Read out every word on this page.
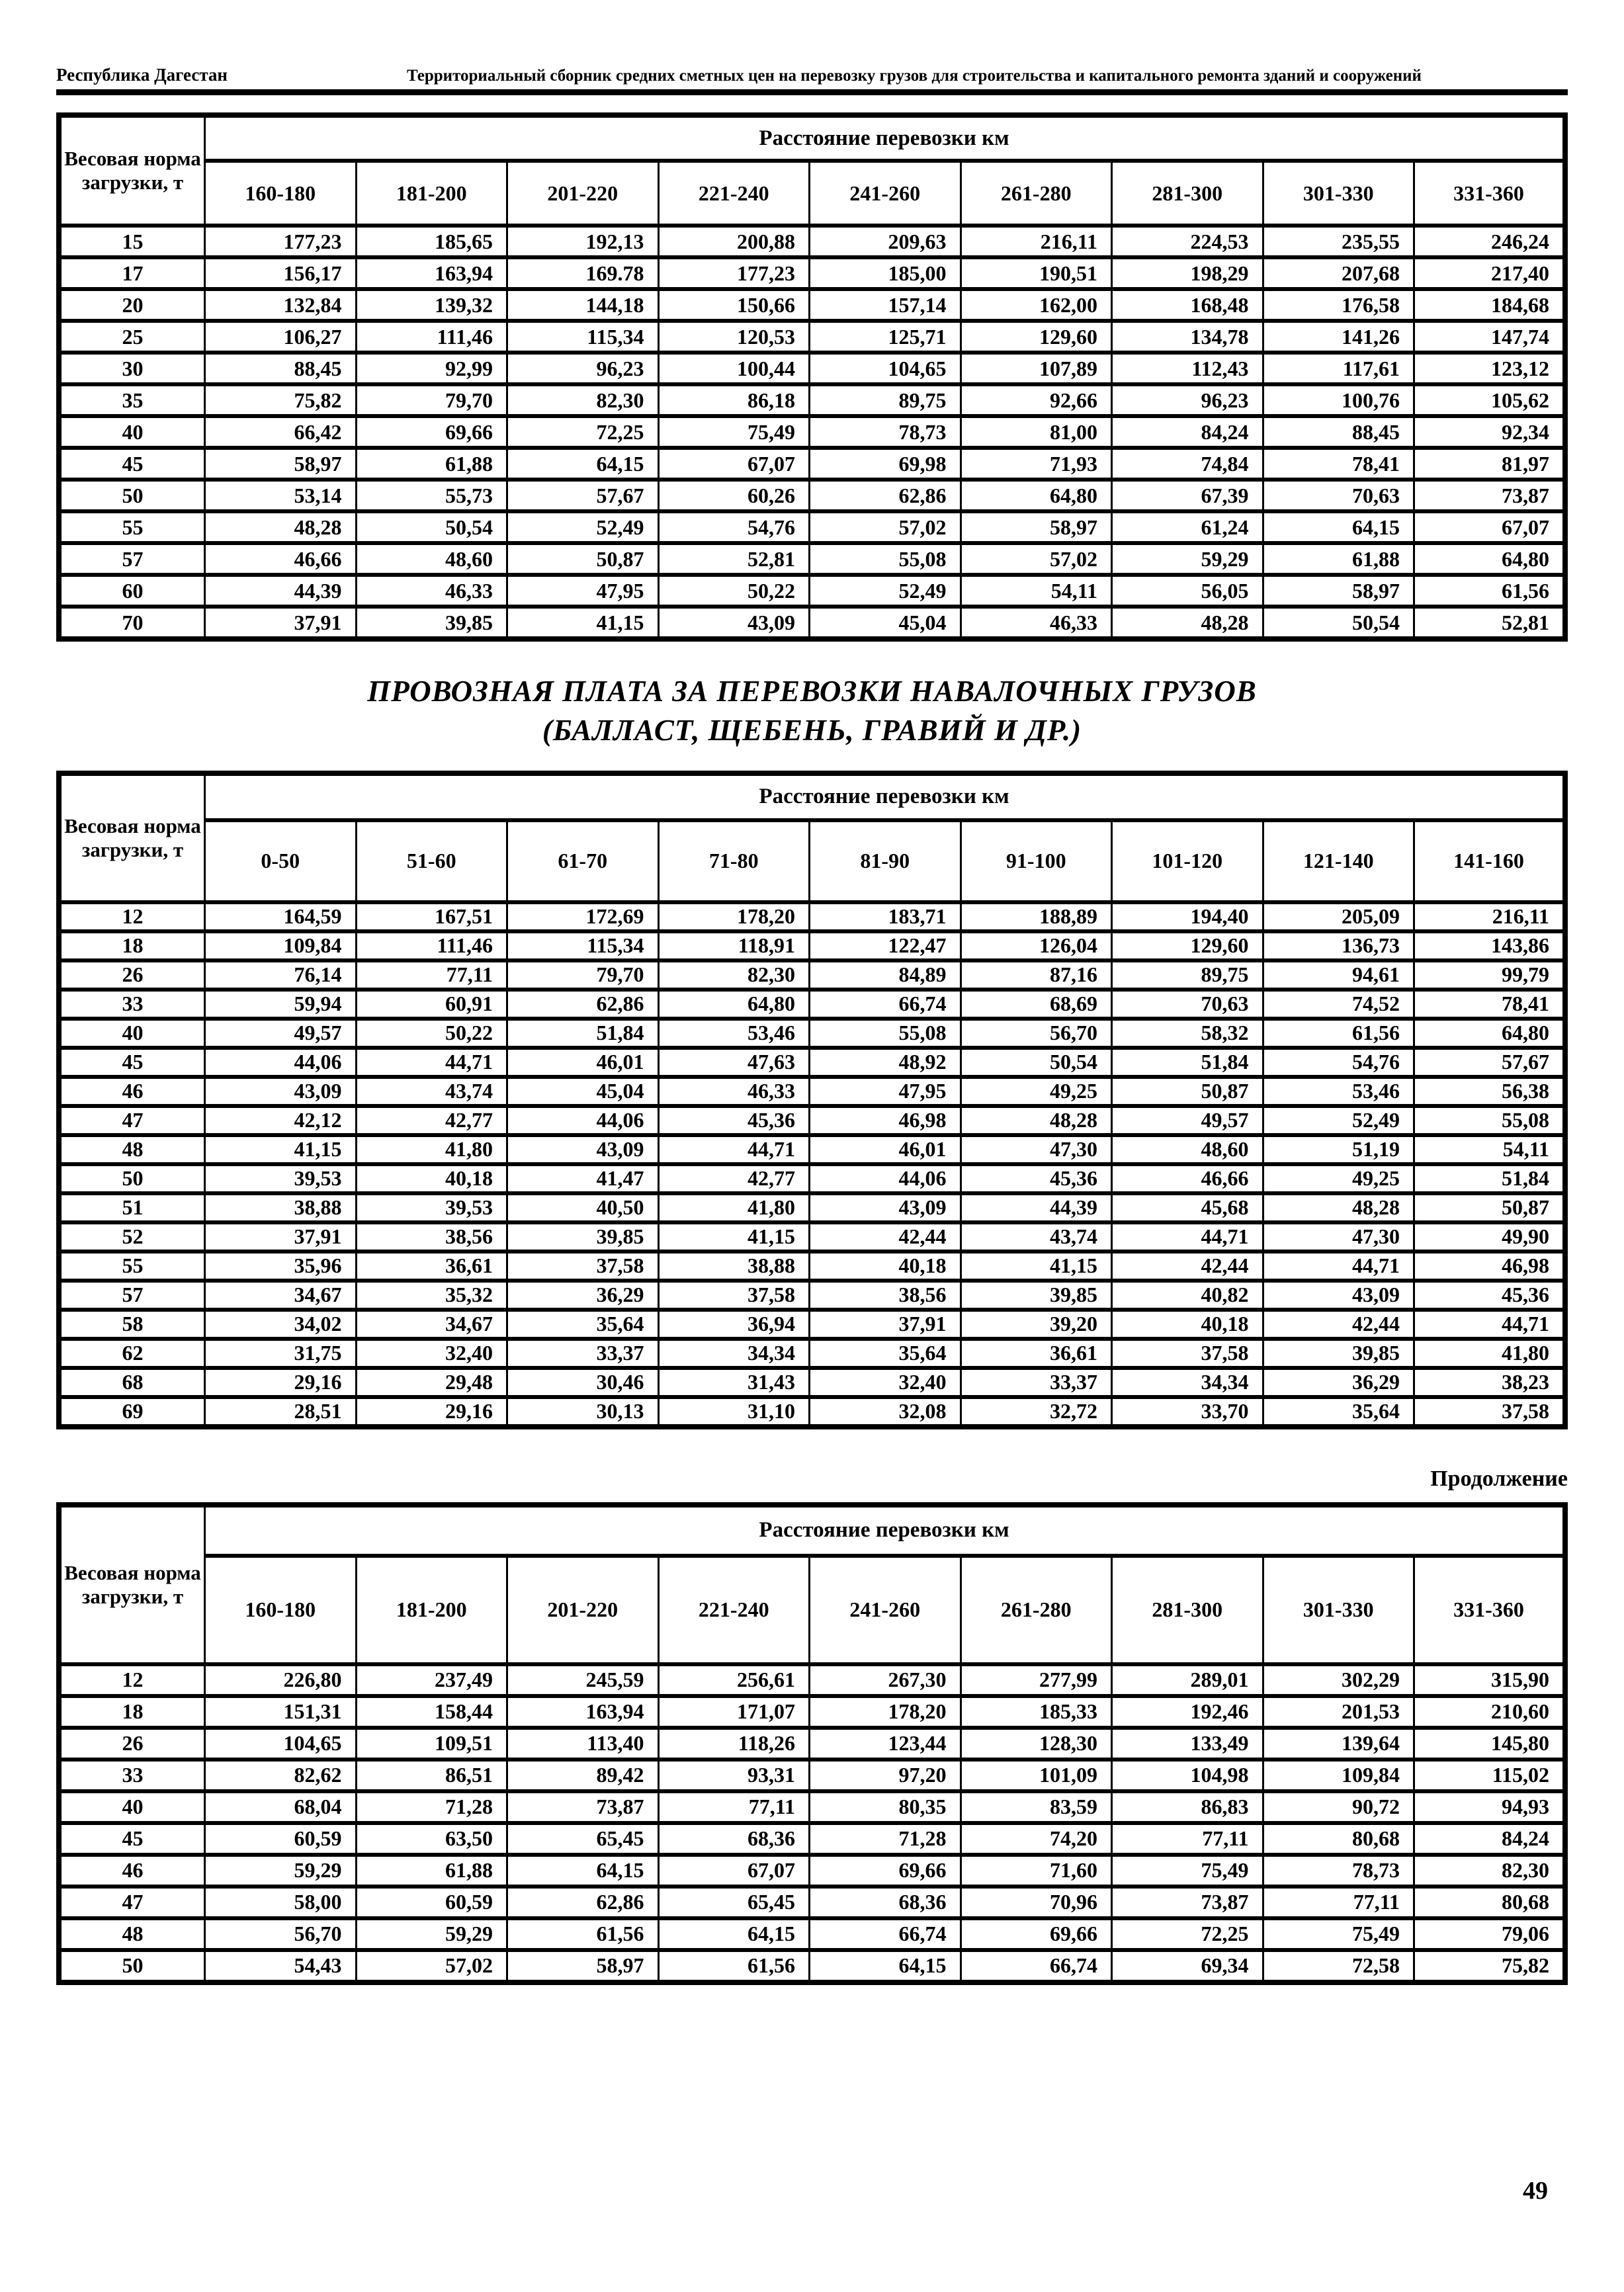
Республика Дагестан	Территориальный сборник средних сметных цен на перевозку грузов для строительства и капитального ремонта зданий и сооружений
Весовая норма загрузки, т	Расстояние перевозки км								
	160-180	181-200	201-220	221-240	241-260	261-280	281-300	301-330	331-360
15	177,23	185,65	192,13	200,88	209,63	216,11	224,53	235,55	246,24
17	156,17	163,94	169.78	177,23	185,00	190,51	198,29	207,68	217,40
20	132,84	139,32	144,18	150,66	157,14	162,00	168,48	176,58	184,68
25	106,27	111,46	115,34	120,53	125,71	129,60	134,78	141,26	147,74
30	88,45	92,99	96,23	100,44	104,65	107,89	112,43	117,61	123,12
35	75,82	79,70	82,30	86,18	89,75	92,66	96,23	100,76	105,62
40	66,42	69,66	72,25	75,49	78,73	81,00	84,24	88,45	92,34
45	58,97	61,88	64,15	67,07	69,98	71,93	74,84	78,41	81,97
50	53,14	55,73	57,67	60,26	62,86	64,80	67,39	70,63	73,87
55	48,28	50,54	52,49	54,76	57,02	58,97	61,24	64,15	67,07
57	46,66	48,60	50,87	52,81	55,08	57,02	59,29	61,88	64,80
60	44,39	46,33	47,95	50,22	52,49	54,11	56,05	58,97	61,56
70	37,91	39,85	41,15	43,09	45,04	46,33	48,28	50,54	52,81
ПРОВОЗНАЯ ПЛАТА ЗА ПЕРЕВОЗКИ НАВАЛОЧНЫХ ГРУЗОВ
(БАЛЛАСТ, ЩЕБЕНЬ, ГРАВИЙ И ДР.)
Весовая норма загрузки, т	Расстояние перевозки км								
	0-50	51-60	61-70	71-80	81-90	91-100	101-120	121-140	141-160
12	164,59	167,51	172,69	178,20	183,71	188,89	194,40	205,09	216,11
18	109,84	111,46	115,34	118,91	122,47	126,04	129,60	136,73	143,86
26	76,14	77,11	79,70	82,30	84,89	87,16	89,75	94,61	99,79
33	59,94	60,91	62,86	64,80	66,74	68,69	70,63	74,52	78,41
40	49,57	50,22	51,84	53,46	55,08	56,70	58,32	61,56	64,80
45	44,06	44,71	46,01	47,63	48,92	50,54	51,84	54,76	57,67
46	43,09	43,74	45,04	46,33	47,95	49,25	50,87	53,46	56,38
47	42,12	42,77	44,06	45,36	46,98	48,28	49,57	52,49	55,08
48	41,15	41,80	43,09	44,71	46,01	47,30	48,60	51,19	54,11
50	39,53	40,18	41,47	42,77	44,06	45,36	46,66	49,25	51,84
51	38,88	39,53	40,50	41,80	43,09	44,39	45,68	48,28	50,87
52	37,91	38,56	39,85	41,15	42,44	43,74	44,71	47,30	49,90
55	35,96	36,61	37,58	38,88	40,18	41,15	42,44	44,71	46,98
57	34,67	35,32	36,29	37,58	38,56	39,85	40,82	43,09	45,36
58	34,02	34,67	35,64	36,94	37,91	39,20	40,18	42,44	44,71
62	31,75	32,40	33,37	34,34	35,64	36,61	37,58	39,85	41,80
68	29,16	29,48	30,46	31,43	32,40	33,37	34,34	36,29	38,23
69	28,51	29,16	30,13	31,10	32,08	32,72	33,70	35,64	37,58
Продолжение
Весовая норма загрузки, т	Расстояние перевозки км								
	160-180	181-200	201-220	221-240	241-260	261-280	281-300	301-330	331-360
12	226,80	237,49	245,59	256,61	267,30	277,99	289,01	302,29	315,90
18	151,31	158,44	163,94	171,07	178,20	185,33	192,46	201,53	210,60
26	104,65	109,51	113,40	118,26	123,44	128,30	133,49	139,64	145,80
33	82,62	86,51	89,42	93,31	97,20	101,09	104,98	109,84	115,02
40	68,04	71,28	73,87	77,11	80,35	83,59	86,83	90,72	94,93
45	60,59	63,50	65,45	68,36	71,28	74,20	77,11	80,68	84,24
46	59,29	61,88	64,15	67,07	69,66	71,60	75,49	78,73	82,30
47	58,00	60,59	62,86	65,45	68,36	70,96	73,87	77,11	80,68
48	56,70	59,29	61,56	64,15	66,74	69,66	72,25	75,49	79,06
50	54,43	57,02	58,97	61,56	64,15	66,74	69,34	72,58	75,82
49
